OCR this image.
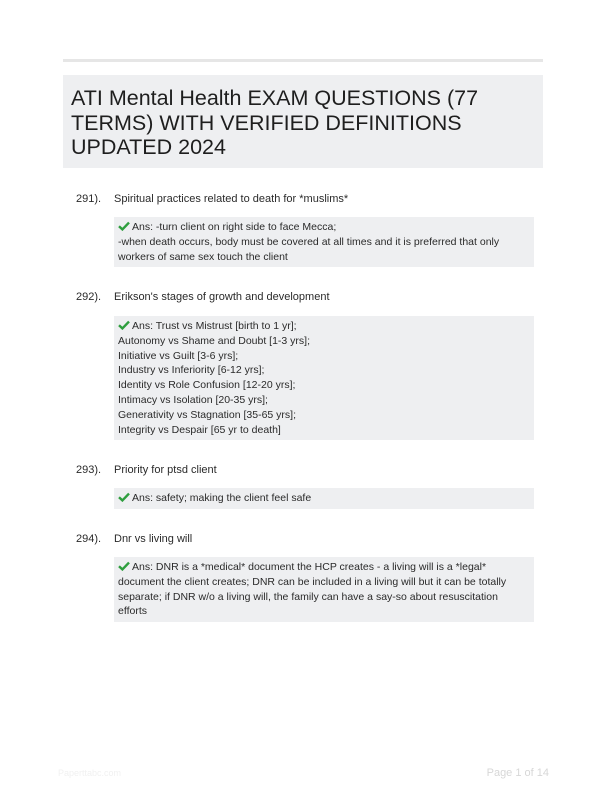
ATI Mental Health EXAM QUESTIONS (77 TERMS) WITH VERIFIED DEFINITIONS UPDATED 2024
291). Spiritual practices related to death for *muslims*
Ans: -turn client on right side to face Mecca;
-when death occurs, body must be covered at all times and it is preferred that only
workers of same sex touch the client
292). Erikson's stages of growth and development
Ans: Trust vs Mistrust [birth to 1 yr];
Autonomy vs Shame and Doubt [1-3 yrs];
Initiative vs Guilt [3-6 yrs];
Industry vs Inferiority [6-12 yrs];
Identity vs Role Confusion [12-20 yrs];
Intimacy vs Isolation [20-35 yrs];
Generativity vs Stagnation [35-65 yrs];
Integrity vs Despair [65 yr to death]
293). Priority for ptsd client
Ans: safety; making the client feel safe
294). Dnr vs living will
Ans: DNR is a *medical* document the HCP creates - a living will is a *legal*
document the client creates; DNR can be included in a living will but it can be totally
separate; if DNR w/o a living will, the family can have a say-so about resuscitation
efforts
Paperttabc.com	Page 1 of 14
